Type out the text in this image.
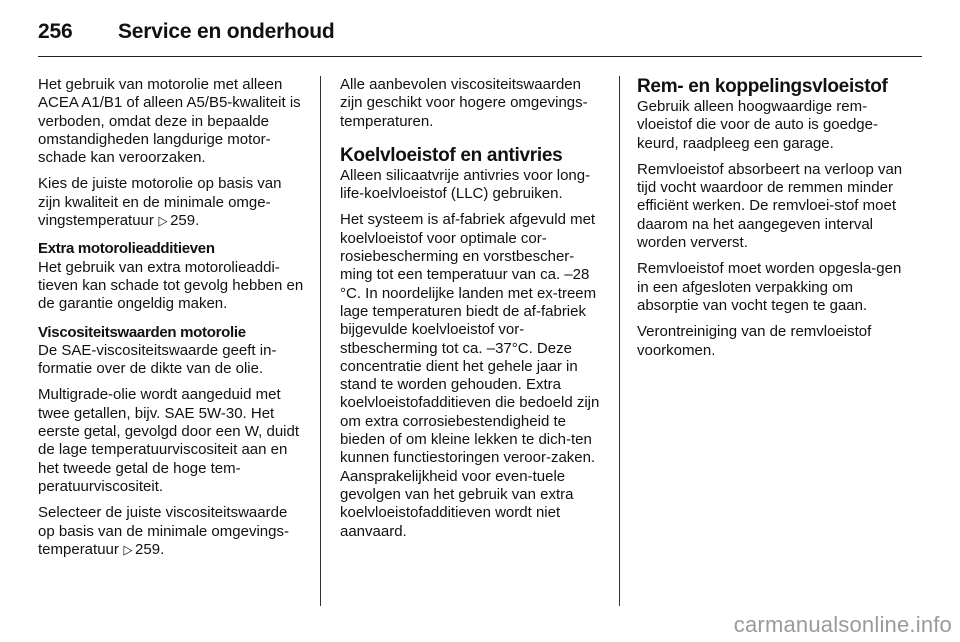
256	Service en onderhoud

Het gebruik van motorolie met alleen ACEA A1/B1 of alleen A5/B5-kwaliteit is verboden, omdat deze in bepaalde omstandigheden langdurige motor-schade kan veroorzaken.

Kies de juiste motorolie op basis van zijn kwaliteit en de minimale omge-vingstemperatuur ▷ 259.

Extra motorolieadditieven

Het gebruik van extra motorolieaddi-tieven kan schade tot gevolg hebben en de garantie ongeldig maken.

Viscositeitswaarden motorolie

De SAE-viscositeitswaarde geeft in-formatie over de dikte van de olie.

Multigrade-olie wordt aangeduid met twee getallen, bijv. SAE 5W-30. Het eerste getal, gevolgd door een W, duidt de lage temperatuurviscositeit aan en het tweede getal de hoge tem-peratuurviscositeit.

Selecteer de juiste viscositeitswaarde op basis van de minimale omgevings-temperatuur ▷ 259.

Alle aanbevolen viscositeitswaarden zijn geschikt voor hogere omgevings-temperaturen.

Koelvloeistof en antivries

Alleen silicaatvrije antivries voor long-life-koelvloeistof (LLC) gebruiken.

Het systeem is af-fabriek afgevuld met koelvloeistof voor optimale cor-rosiebescherming en vorstbescher-ming tot een temperatuur van ca. –28 °C. In noordelijke landen met ex-treem lage temperaturen biedt de af-fabriek bijgevulde koelvloeistof vor-stbescherming tot ca. –37°C. Deze concentratie dient het gehele jaar in stand te worden gehouden. Extra koelvloeistofadditieven die bedoeld zijn om extra corrosiebestendigheid te bieden of om kleine lekken te dich-ten kunnen functiestoringen veroor-zaken. Aansprakelijkheid voor even-tuele gevolgen van het gebruik van extra koelvloeistofadditieven wordt niet aanvaard.

Rem- en koppelingsvloeistof

Gebruik alleen hoogwaardige rem-vloeistof die voor de auto is goedge-keurd, raadpleeg een garage.

Remvloeistof absorbeert na verloop van tijd vocht waardoor de remmen minder efficiënt werken. De remvloei-stof moet daarom na het aangegeven interval worden ververst.

Remvloeistof moet worden opgesla-gen in een afgesloten verpakking om absorptie van vocht tegen te gaan.

Verontreiniging van de remvloeistof voorkomen.

carmanualsonline.info
